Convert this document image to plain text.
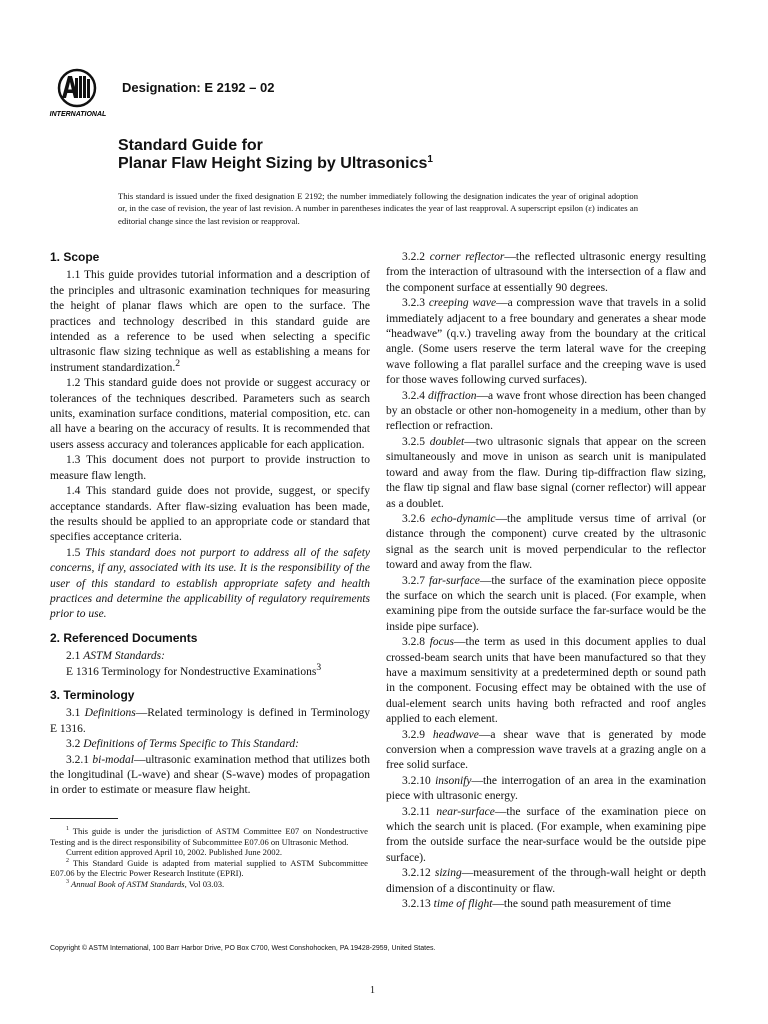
INTERNATIONAL
Designation: E 2192 – 02
Standard Guide for
Planar Flaw Height Sizing by Ultrasonics$^1$
This standard is issued under the fixed designation E 2192; the number immediately following the designation indicates the year of original adoption or, in the case of revision, the year of last revision. A number in parentheses indicates the year of last reapproval. A superscript epsilon (ε) indicates an editorial change since the last revision or reapproval.
1. Scope

1.1 This guide provides tutorial information and a description of the principles and ultrasonic examination techniques for measuring the height of planar flaws which are open to the surface. The practices and technology described in this standard guide are intended as a reference to be used when selecting a specific ultrasonic flaw sizing technique as well as establishing a means for instrument standardization.$^2$

1.2 This standard guide does not provide or suggest accuracy or tolerances of the techniques described. Parameters such as search units, examination surface conditions, material composition, etc. can all have a bearing on the accuracy of results. It is recommended that users assess accuracy and tolerances applicable for each application.

1.3 This document does not purport to provide instruction to measure flaw length.

1.4 This standard guide does not provide, suggest, or specify acceptance standards. After flaw-sizing evaluation has been made, the results should be applied to an appropriate code or standard that specifies acceptance criteria.

1.5 This standard does not purport to address all of the safety concerns, if any, associated with its use. It is the responsibility of the user of this standard to establish appropriate safety and health practices and determine the applicability of regulatory requirements prior to use.

2. Referenced Documents

2.1 ASTM Standards:

E 1316 Terminology for Nondestructive Examinations$^3$

3. Terminology

3.1 Definitions—Related terminology is defined in Terminology E 1316.

3.2 Definitions of Terms Specific to This Standard:

3.2.1 bi-modal—ultrasonic examination method that utilizes both the longitudinal (L-wave) and shear (S-wave) modes of propagation in order to estimate or measure flaw height.

$^1$ This guide is under the jurisdiction of ASTM Committee E07 on Nondestructive Testing and is the direct responsibility of Subcommittee E07.06 on Ultrasonic Method.

Current edition approved April 10, 2002. Published June 2002.

$^2$ This Standard Guide is adapted from material supplied to ASTM Subcommittee E07.06 by the Electric Power Research Institute (EPRI).

$^3$ Annual Book of ASTM Standards, Vol 03.03.

3.2.2 corner reflector—the reflected ultrasonic energy resulting from the interaction of ultrasound with the intersection of a flaw and the component surface at essentially 90 degrees.

3.2.3 creeping wave—a compression wave that travels in a solid immediately adjacent to a free boundary and generates a shear mode “headwave” (q.v.) traveling away from the boundary at the critical angle. (Some users reserve the term lateral wave for the creeping wave following a flat parallel surface and the creeping wave is used for those waves following curved surfaces).

3.2.4 diffraction—a wave front whose direction has been changed by an obstacle or other non-homogeneity in a medium, other than by reflection or refraction.

3.2.5 doublet—two ultrasonic signals that appear on the screen simultaneously and move in unison as search unit is manipulated toward and away from the flaw. During tip-diffraction flaw sizing, the flaw tip signal and flaw base signal (corner reflector) will appear as a doublet.

3.2.6 echo-dynamic—the amplitude versus time of arrival (or distance through the component) curve created by the ultrasonic signal as the search unit is moved perpendicular to the reflector toward and away from the flaw.

3.2.7 far-surface—the surface of the examination piece opposite the surface on which the search unit is placed. (For example, when examining pipe from the outside surface the far-surface would be the inside pipe surface).

3.2.8 focus—the term as used in this document applies to dual crossed-beam search units that have been manufactured so that they have a maximum sensitivity at a predetermined depth or sound path in the component. Focusing effect may be obtained with the use of dual-element search units having both refracted and roof angles applied to each element.

3.2.9 headwave—a shear wave that is generated by mode conversion when a compression wave travels at a grazing angle on a free solid surface.

3.2.10 insonify—the interrogation of an area in the examination piece with ultrasonic energy.

3.2.11 near-surface—the surface of the examination piece on which the search unit is placed. (For example, when examining pipe from the outside surface the near-surface would be the outside pipe surface).

3.2.12 sizing—measurement of the through-wall height or depth dimension of a discontinuity or flaw.

3.2.13 time of flight—the sound path measurement of time

Copyright © ASTM International, 100 Barr Harbor Drive, PO Box C700, West Conshohocken, PA 19428-2959, United States.
1
